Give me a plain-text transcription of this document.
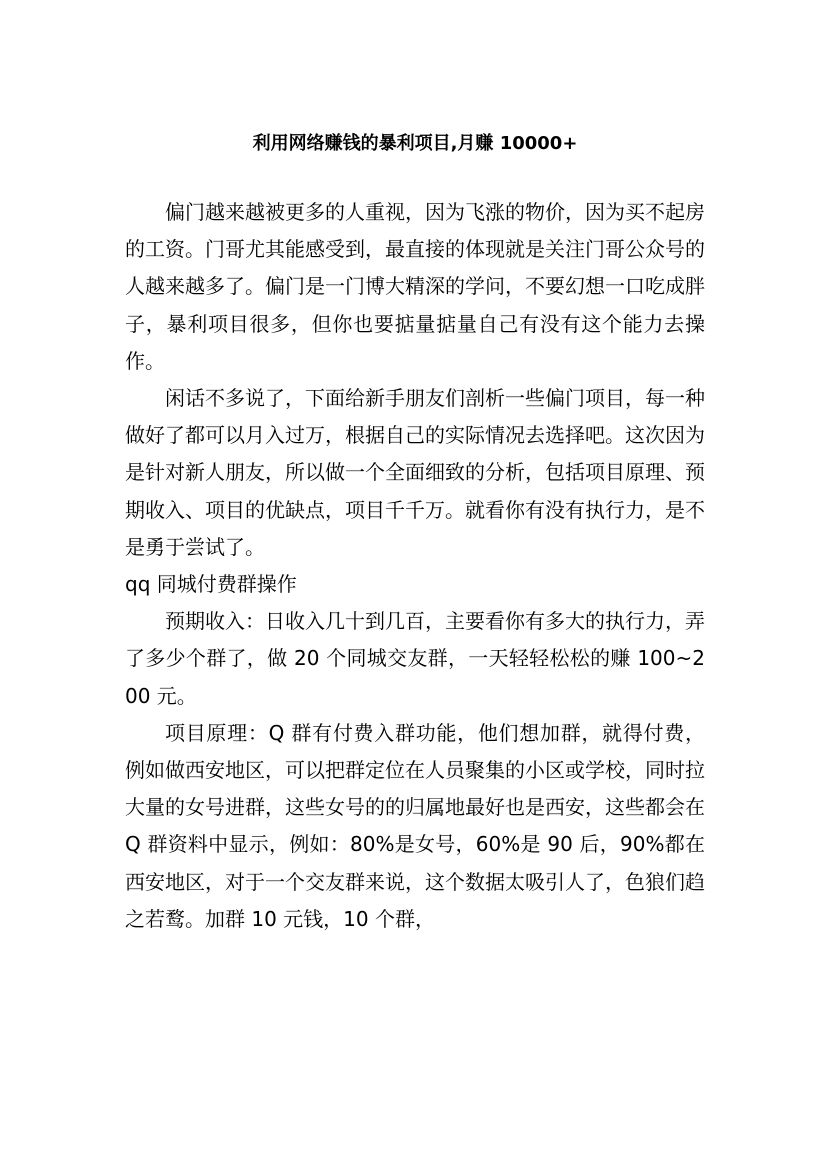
利用网络赚钱的暴利项目,月赚 10000+

偏门越来越被更多的人重视，因为飞涨的物价，因为买不起房的工资。门哥尤其能感受到，最直接的体现就是关注门哥公众号的人越来越多了。偏门是一门博大精深的学问，不要幻想一口吃成胖子，暴利项目很多，但你也要掂量掂量自己有没有这个能力去操作。

闲话不多说了，下面给新手朋友们剖析一些偏门项目，每一种做好了都可以月入过万，根据自己的实际情况去选择吧。这次因为是针对新人朋友，所以做一个全面细致的分析，包括项目原理、预期收入、项目的优缺点，项目千千万。就看你有没有执行力，是不是勇于尝试了。

qq 同城付费群操作

预期收入：日收入几十到几百，主要看你有多大的执行力，弄了多少个群了，做 20 个同城交友群，一天轻轻松松的赚 100~200 元。

项目原理：Q 群有付费入群功能，他们想加群，就得付费，例如做西安地区，可以把群定位在人员聚集的小区或学校，同时拉大量的女号进群，这些女号的的归属地最好也是西安，这些都会在 Q 群资料中显示，例如：80%是女号，60%是 90 后，90%都在西安地区，对于一个交友群来说，这个数据太吸引人了，色狼们趋之若鹜。加群 10 元钱，10 个群，
